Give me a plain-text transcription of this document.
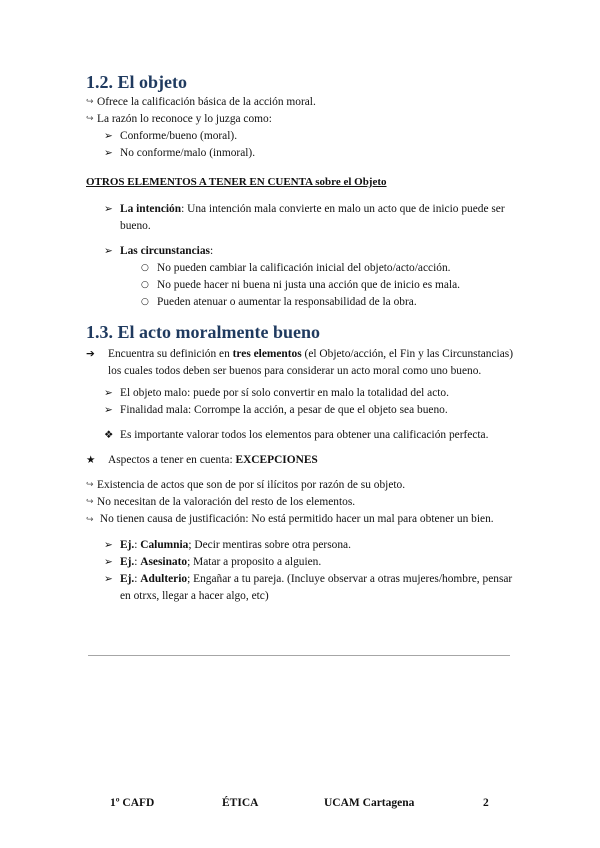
1.2. El objeto
↪ Ofrece la calificación básica de la acción moral.
↪ La razón lo reconoce y lo juzga como:
➢ Conforme/bueno (moral).
➢ No conforme/malo (inmoral).
OTROS ELEMENTOS A TENER EN CUENTA sobre el Objeto
➢ La intención: Una intención mala convierte en malo un acto que de inicio puede ser bueno.
➢ Las circunstancias:
○ No pueden cambiar la calificación inicial del objeto/acto/acción.
○ No puede hacer ni buena ni justa una acción que de inicio es mala.
○ Pueden atenuar o aumentar la responsabilidad de la obra.
1.3. El acto moralmente bueno
➔	Encuentra su definición en tres elementos (el Objeto/acción, el Fin y las Circunstancias) los cuales todos deben ser buenos para considerar un acto moral como uno bueno.
➢ El objeto malo: puede por sí solo convertir en malo la totalidad del acto.
➢ Finalidad mala: Corrompe la acción, a pesar de que el objeto sea bueno.
❖ Es importante valorar todos los elementos para obtener una calificación perfecta.
★	Aspectos a tener en cuenta: EXCEPCIONES
↪ Existencia de actos que son de por sí ilícitos por razón de su objeto.
↪ No necesitan de la valoración del resto de los elementos.
↪ No tienen causa de justificación: No está permitido hacer un mal para obtener un bien.
➢ Ej.: Calumnia; Decir mentiras sobre otra persona.
➢ Ej.: Asesinato; Matar a proposito a alguien.
➢ Ej.: Adulterio; Engañar a tu pareja. (Incluye observar a otras mujeres/hombre, pensar en otrxs, llegar a hacer algo, etc)
1º CAFD	ÉTICA	UCAM Cartagena	2
